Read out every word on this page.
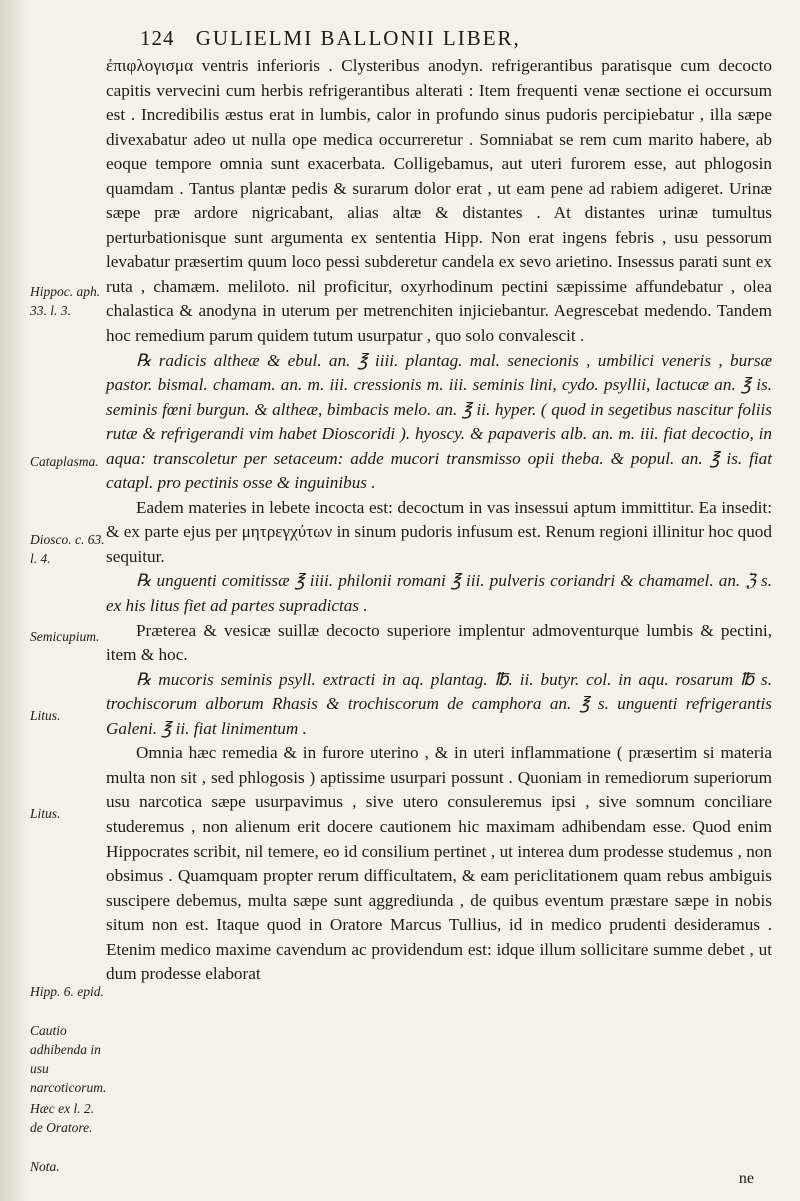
124 GULIELMI BALLONII LIBER,

ἐπιφλογισμα ventris inferioris . Clysteribus anodyn. refrigerantibus paratisque cum decocto capitis vervecini cum herbis refrigerantibus alterati : Item frequenti venæ sectione ei occursum est . Incredibilis æstus erat in lumbis, calor in profundo sinus pudoris percipiebatur , illa sæpe divexabatur adeo ut nulla ope medica occurreretur . Somniabat se rem cum marito habere, ab eoque tempore omnia sunt exacerbata. Colligebamus, aut uteri furorem esse, aut phlogosin quamdam . Tantus plantæ pedis & surarum dolor erat , ut eam pene ad rabiem adigeret. Urinæ sæpe præ ardore nigricabant, alias altæ & distantes . At distantes urinæ tumultus perturbationisque sunt argumenta ex sententia Hipp. Non erat ingens febris , usu pessorum levabatur præsertim quum loco pessi subderetur candela ex sevo arietino. Insessus parati sunt ex ruta , chamæm. meliloto. nil proficitur, oxyrhodinum pectini sæpissime affundebatur , olea chalastica & anodyna in uterum per metrenchiten injiciebantur. Aegrescebat medendo. Tandem hoc remedium parum quidem tutum usurpatur , quo solo convalescit .

℞ radicis altheæ & ebul. an. ℥ iiii. plantag. mal. senecionis , umbilici veneris , bursæ pastor. bismal. chamam. an. m. iii. cressionis m. iii. seminis lini, cydo. psyllii, lactucæ an. ℥ is. seminis fœni burgun. & altheæ, bimbacis melo. an. ℥ ii. hyper. ( quod in segetibus nascitur foliis rutæ & refrigerandi vim habet Dioscoridi ). hyoscy. & papaveris alb. an. m. iii. fiat decoctio, in aqua: transcoletur per setaceum: adde mucori transmisso opii theba. & popul. an. ℥ is. fiat catapl. pro pectinis osse & inguinibus .

Eadem materies in lebete incocta est: decoctum in vas insessui aptum immittitur. Ea insedit: & ex parte ejus per μητρεγχύτων in sinum pudoris infusum est. Renum regioni illinitur hoc quod sequitur.

℞ unguenti comitissæ ℥ iiii. philonii romani ℥ iii. pulveris coriandri & chamamel. an. ℨ s. ex his litus fiet ad partes supradictas .

Præterea & vesicæ suillæ decocto superiore implentur admoventurque lumbis & pectini, item & hoc.

℞ mucoris seminis psyll. extracti in aq. plantag. ℔. ii. butyr. col. in aqu. rosarum ℔ s. trochiscorum alborum Rhasis & trochiscorum de camphora an. ℥ s. unguenti refrigerantis Galeni. ℥ ii. fiat linimentum .

Omnia hæc remedia & in furore uterino , & in uteri inflammatione ( præsertim si materia multa non sit , sed phlogosis ) aptissime usurpari possunt . Quoniam in remediorum superiorum usu narcotica sæpe usurpavimus , sive utero consuleremus ipsi , sive somnum conciliare studeremus , non alienum erit docere cautionem hic maximam adhibendam esse. Quod enim Hippocrates scribit, nil temere, eo id consilium pertinet , ut interea dum prodesse studemus , non obsimus . Quamquam propter rerum difficultatem, & eam periclitationem quam rebus ambiguis suscipere debemus, multa sæpe sunt aggrediunda , de quibus eventum præstare sæpe in nobis situm non est. Itaque quod in Oratore Marcus Tullius, id in medico prudenti desideramus . Etenim medico maxime cavendum ac providendum est: idque illum sollicitare summe debet , ut dum prodesse elaborat

ne
Hippoc. aph. 33. l. 3.
Cataplasma.
Diosco. c. 63. l. 4.
Semicupium.
Litus.
Litus.
Hipp. 6. epid.
Cautio adhibenda in usu narcoticorum.
Hæc ex l. 2. de Oratore.
Nota.
